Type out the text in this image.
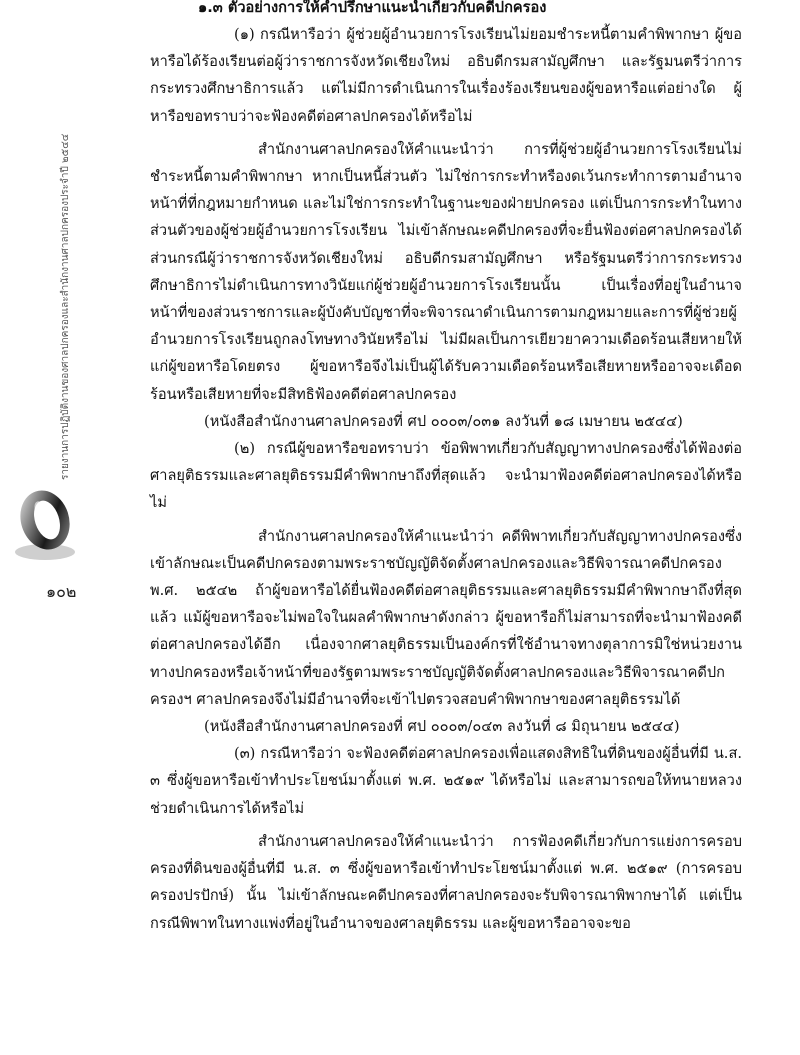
รายงานการปฏิบัติงานของศาลปกครองและสำนักงานศาลปกครองประจำปี ๒๕๔๔
๑๐๒
๑.๓ ตัวอย่างการให้คำปรึกษาแนะนำเกี่ยวกับคดีปกครอง

(๑) กรณีหารือว่า ผู้ช่วยผู้อำนวยการโรงเรียนไม่ยอมชำระหนี้ตามคำพิพากษา ผู้ขอหารือได้ร้องเรียนต่อผู้ว่าราชการจังหวัดเชียงใหม่ อธิบดีกรมสามัญศึกษา และรัฐมนตรีว่าการกระทรวงศึกษาธิการแล้ว แต่ไม่มีการดำเนินการในเรื่องร้องเรียนของผู้ขอหารือแต่อย่างใด ผู้หารือขอทราบว่าจะฟ้องคดีต่อศาลปกครองได้หรือไม่

สำนักงานศาลปกครองให้คำแนะนำว่า การที่ผู้ช่วยผู้อำนวยการโรงเรียนไม่ชำระหนี้ตามคำพิพากษา หากเป็นหนี้ส่วนตัว ไม่ใช่การกระทำหรืองดเว้นกระทำการตามอำนาจหน้าที่ที่กฎหมายกำหนด และไม่ใช่การกระทำในฐานะของฝ่ายปกครอง แต่เป็นการกระทำในทางส่วนตัวของผู้ช่วยผู้อำนวยการโรงเรียน ไม่เข้าลักษณะคดีปกครองที่จะยื่นฟ้องต่อศาลปกครองได้ ส่วนกรณีผู้ว่าราชการจังหวัดเชียงใหม่ อธิบดีกรมสามัญศึกษา หรือรัฐมนตรีว่าการกระทรวงศึกษาธิการไม่ดำเนินการทางวินัยแก่ผู้ช่วยผู้อำนวยการโรงเรียนนั้น เป็นเรื่องที่อยู่ในอำนาจหน้าที่ของส่วนราชการและผู้บังคับบัญชาที่จะพิจารณาดำเนินการตามกฎหมายและการที่ผู้ช่วยผู้อำนวยการโรงเรียนถูกลงโทษทางวินัยหรือไม่ ไม่มีผลเป็นการเยียวยาความเดือดร้อนเสียหายให้แก่ผู้ขอหารือโดยตรง ผู้ขอหารือจึงไม่เป็นผู้ได้รับความเดือดร้อนหรือเสียหายหรืออาจจะเดือดร้อนหรือเสียหายที่จะมีสิทธิฟ้องคดีต่อศาลปกครอง

(หนังสือสำนักงานศาลปกครองที่ ศป ๐๐๐๓/๐๓๑ ลงวันที่ ๑๘ เมษายน ๒๕๔๔)

(๒) กรณีผู้ขอหารือขอทราบว่า ข้อพิพาทเกี่ยวกับสัญญาทางปกครองซึ่งได้ฟ้องต่อศาลยุติธรรมและศาลยุติธรรมมีคำพิพากษาถึงที่สุดแล้ว จะนำมาฟ้องคดีต่อศาลปกครองได้หรือไม่

สำนักงานศาลปกครองให้คำแนะนำว่า คดีพิพาทเกี่ยวกับสัญญาทางปกครองซึ่งเข้าลักษณะเป็นคดีปกครองตามพระราชบัญญัติจัดตั้งศาลปกครองและวิธีพิจารณาคดีปกครอง พ.ศ. ๒๕๔๒ ถ้าผู้ขอหารือได้ยื่นฟ้องคดีต่อศาลยุติธรรมและศาลยุติธรรมมีคำพิพากษาถึงที่สุดแล้ว แม้ผู้ขอหารือจะไม่พอใจในผลคำพิพากษาดังกล่าว ผู้ขอหารือก็ไม่สามารถที่จะนำมาฟ้องคดีต่อศาลปกครองได้อีก เนื่องจากศาลยุติธรรมเป็นองค์กรที่ใช้อำนาจทางตุลาการมิใช่หน่วยงานทางปกครองหรือเจ้าหน้าที่ของรัฐตามพระราชบัญญัติจัดตั้งศาลปกครองและวิธีพิจารณาคดีปกครองฯ ศาลปกครองจึงไม่มีอำนาจที่จะเข้าไปตรวจสอบคำพิพากษาของศาลยุติธรรมได้

(หนังสือสำนักงานศาลปกครองที่ ศป ๐๐๐๓/๐๔๓ ลงวันที่ ๘ มิถุนายน ๒๕๔๔)

(๓) กรณีหารือว่า จะฟ้องคดีต่อศาลปกครองเพื่อแสดงสิทธิในที่ดินของผู้อื่นที่มี น.ส. ๓ ซึ่งผู้ขอหารือเข้าทำประโยชน์มาตั้งแต่ พ.ศ. ๒๕๑๙ ได้หรือไม่ และสามารถขอให้ทนายหลวงช่วยดำเนินการได้หรือไม่

สำนักงานศาลปกครองให้คำแนะนำว่า การฟ้องคดีเกี่ยวกับการแย่งการครอบครองที่ดินของผู้อื่นที่มี น.ส. ๓ ซึ่งผู้ขอหารือเข้าทำประโยชน์มาตั้งแต่ พ.ศ. ๒๕๑๙ (การครอบครองปรปักษ์) นั้น ไม่เข้าลักษณะคดีปกครองที่ศาลปกครองจะรับพิจารณาพิพากษาได้ แต่เป็นกรณีพิพาทในทางแพ่งที่อยู่ในอำนาจของศาลยุติธรรม และผู้ขอหารืออาจจะขอ
